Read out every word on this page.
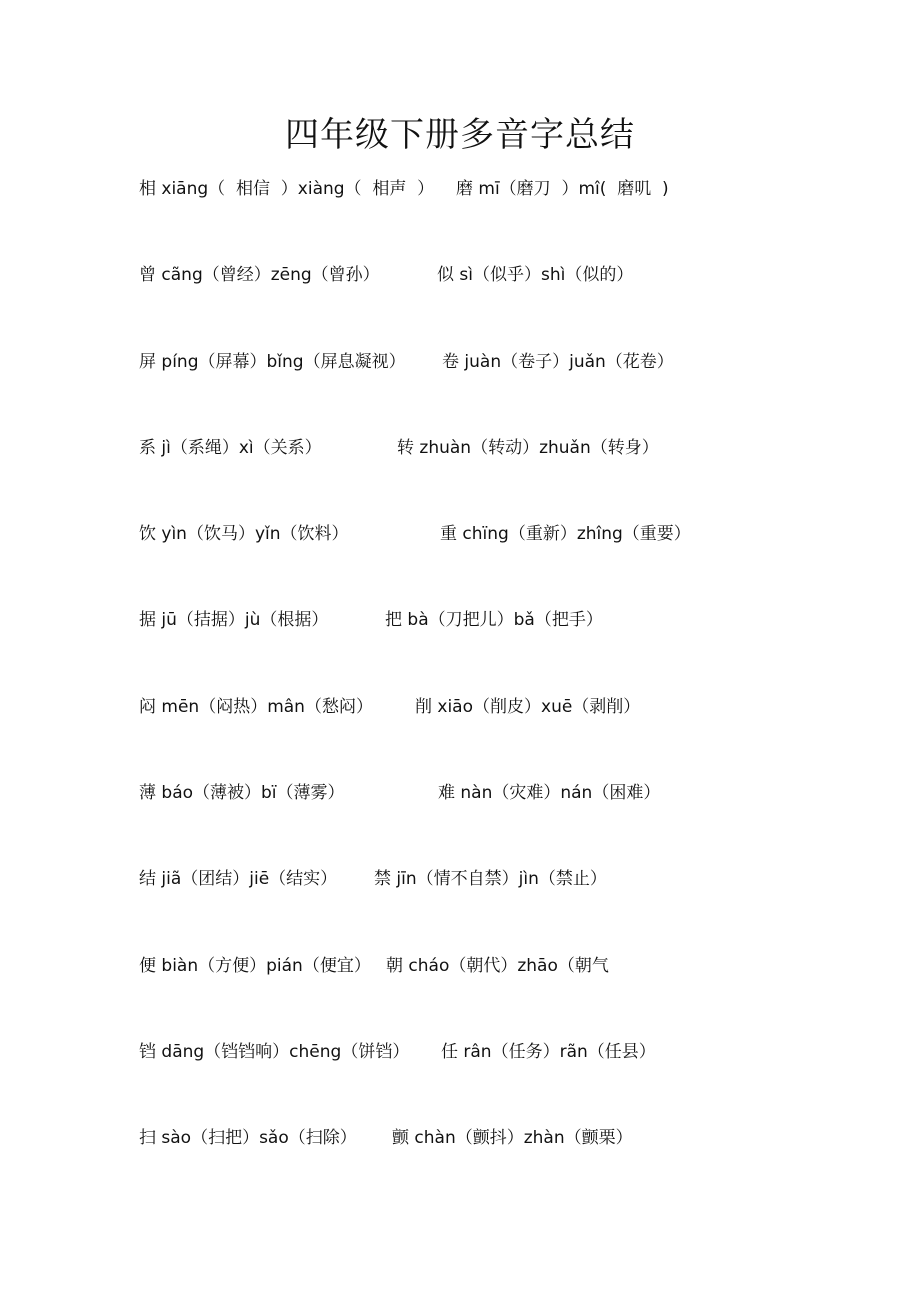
四年级下册多音字总结
相 xiāng（  相信  ）xiàng（  相声  ） 磨 mī（磨刀  ）mî(  磨叽  )
曾 cãng（曾经）zēng（曾孙）	似 sì（似乎）shì（似的）
屏 píng（屏幕）bǐng（屏息凝视） 卷 juàn（卷子）juǎn（花卷）
系 jì（系绳）xì（关系）	转 zhuàn（转动）zhuǎn（转身）
饮 yìn（饮马）yǐn（饮料）	重 chïng（重新）zhîng（重要）
据 jū（拮据）jù（根据）	把 bà（刀把儿）bǎ（把手）
闷 mēn（闷热）mân（愁闷） 削 xiāo（削皮）xuē（剥削）
薄 báo（薄被）bï（薄雾）	难 nàn（灾难）nán（困难）
结 jiã（团结）jiē（结实） 禁 jīn（情不自禁）jìn（禁止）
便 biàn（方便）pián（便宜） 朝 cháo（朝代）zhāo（朝气
铛 dāng（铛铛响）chēng（饼铛） 任 rân（任务）rãn（任县）
扫 sào（扫把）sǎo（扫除） 颤 chàn（颤抖）zhàn（颤栗）
